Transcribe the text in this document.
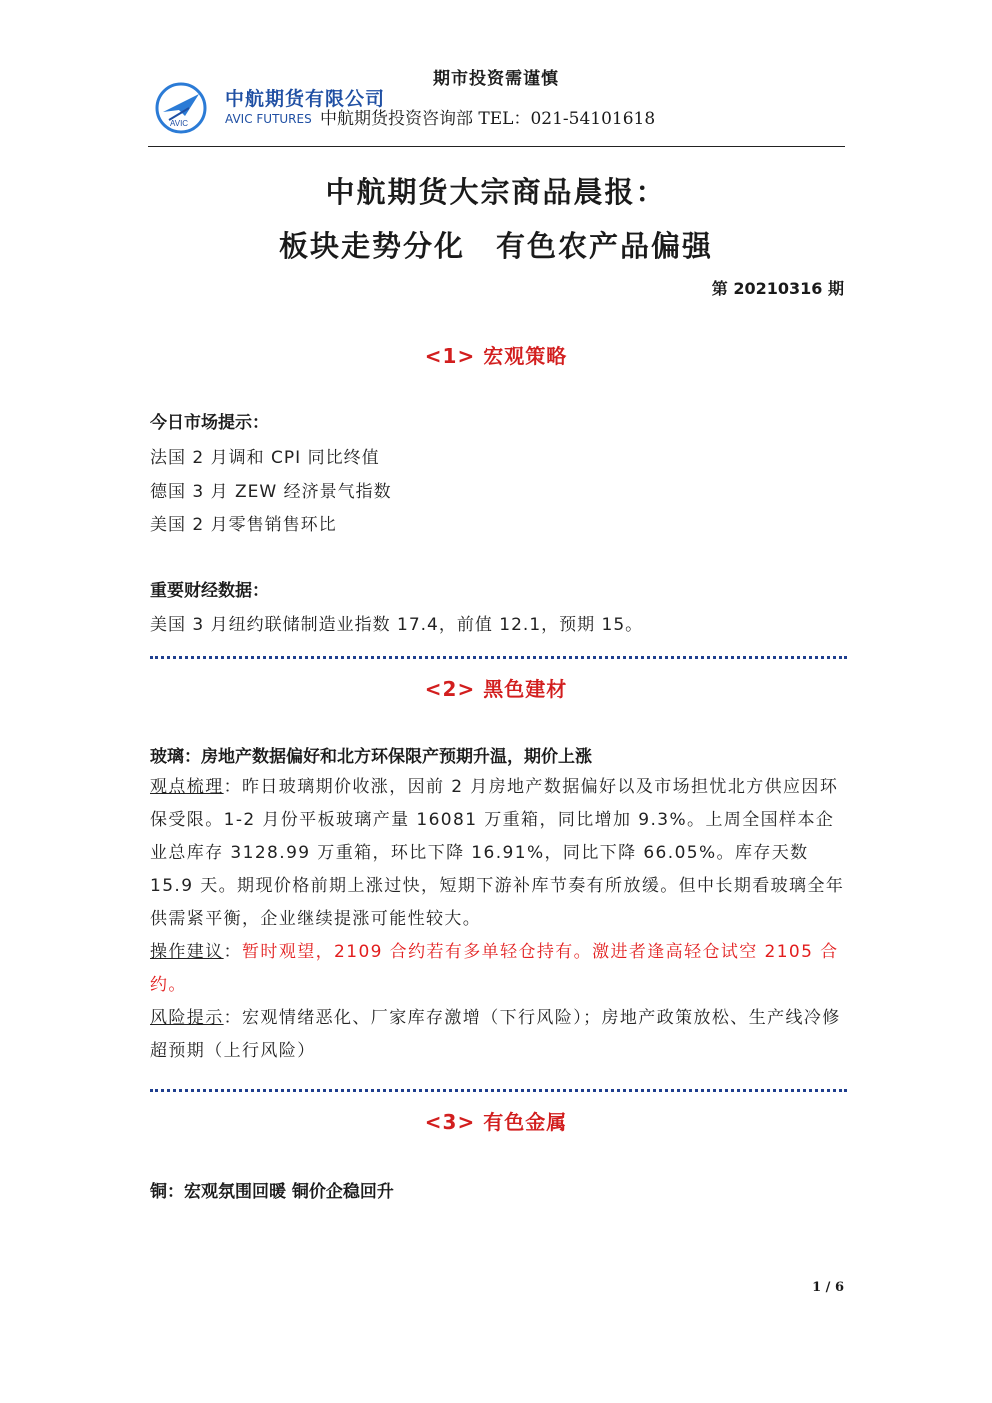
AVIC
中航期货有限公司
AVIC FUTURES
期市投资需谨慎
中航期货投资咨询部 TEL：021-54101618
中航期货大宗商品晨报：
板块走势分化　有色农产品偏强
第 20210316 期
<1> 宏观策略
今日市场提示：
法国 2 月调和 CPI 同比终值
德国 3 月 ZEW 经济景气指数
美国 2 月零售销售环比
重要财经数据：
美国 3 月纽约联储制造业指数 17.4，前值 12.1，预期 15。
<2> 黑色建材
玻璃：房地产数据偏好和北方环保限产预期升温，期价上涨
观点梳理：昨日玻璃期价收涨，因前 2 月房地产数据偏好以及市场担忧北方供应因环保受限。1-2 月份平板玻璃产量 16081 万重箱，同比增加 9.3%。上周全国样本企业总库存 3128.99 万重箱，环比下降 16.91%，同比下降 66.05%。库存天数 15.9 天。期现价格前期上涨过快，短期下游补库节奏有所放缓。但中长期看玻璃全年供需紧平衡，企业继续提涨可能性较大。
操作建议：暂时观望，2109 合约若有多单轻仓持有。激进者逢高轻仓试空 2105 合约。
风险提示：宏观情绪恶化、厂家库存激增（下行风险）；房地产政策放松、生产线冷修超预期（上行风险）
<3> 有色金属
铜：宏观氛围回暖 铜价企稳回升
1 / 6
